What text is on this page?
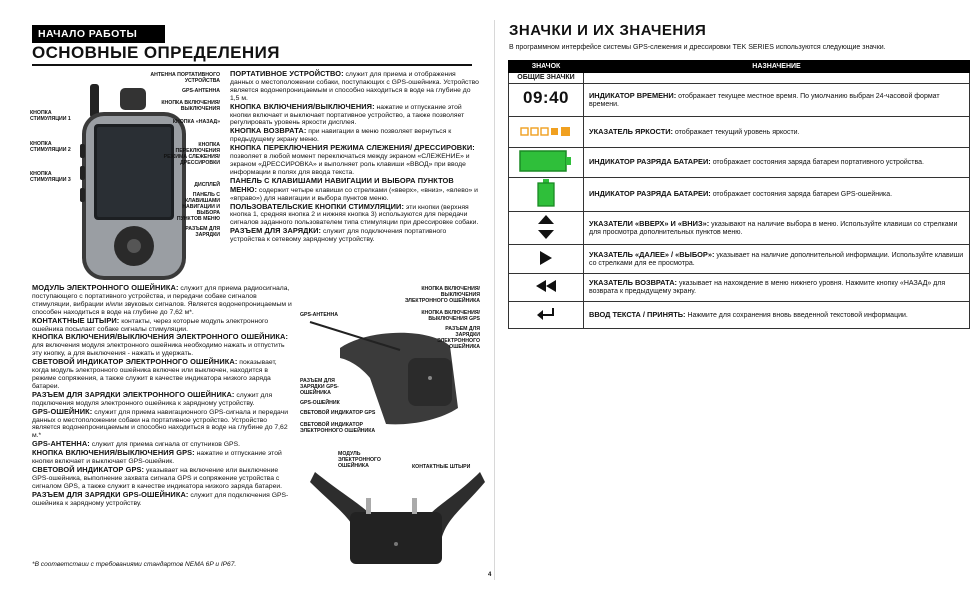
НАЧАЛО РАБОТЫ
ОСНОВНЫЕ ОПРЕДЕЛЕНИЯ
АНТЕННА ПОРТАТИВНОГО УСТРОЙСТВА
GPS-АНТЕННА
КНОПКА ВКЛЮЧЕНИЯ/ ВЫКЛЮЧЕНИЯ
КНОПКА «НАЗАД»
КНОПКА ПЕРЕКЛЮЧЕНИЯ РЕЖИМА СЛЕЖЕНИЯ/ ДРЕССИРОВКИ
ДИСПЛЕЙ
ПАНЕЛЬ С КЛАВИШАМИ НАВИГАЦИИ И ВЫБОРА ПУНКТОВ МЕНЮ
РАЗЪЕМ ДЛЯ ЗАРЯДКИ
КНОПКА СТИМУЛЯЦИИ 1
КНОПКА СТИМУЛЯЦИИ 2
КНОПКА СТИМУЛЯЦИИ 3

ПОРТАТИВНОЕ УСТРОЙСТВО: служит для приема и отображения данных о местоположении собаки, поступающих с GPS-ошейника. Устройство является водонепроницаемым и способно находиться в воде на глубине до 1,5 м.

КНОПКА ВКЛЮЧЕНИЯ/ВЫКЛЮЧЕНИЯ: нажатие и отпускание этой кнопки включает и выключает портативное устройство, а также позволяет регулировать уровень яркости дисплея.

КНОПКА ВОЗВРАТА: при навигации в меню позволяет вернуться к предыдущему экрану меню.

КНОПКА ПЕРЕКЛЮЧЕНИЯ РЕЖИМА СЛЕЖЕНИЯ/ ДРЕССИРОВКИ: позволяет в любой момент переключаться между экраном «СЛЕЖЕНИЕ» и экраном «ДРЕССИРОВКА» и выполняет роль клавиши «ВВОД» при вводе информации в полях для ввода текста.

ПАНЕЛЬ С КЛАВИШАМИ НАВИГАЦИИ И ВЫБОРА ПУНКТОВ МЕНЮ: содержит четыре клавиши со стрелками («вверх», «вниз», «влево» и «вправо») для навигации и выбора пунктов меню.

ПОЛЬЗОВАТЕЛЬСКИЕ КНОПКИ СТИМУЛЯЦИИ: эти кнопки (верхняя кнопка 1, средняя кнопка 2 и нижняя кнопка 3) используются для передачи сигналов заданного пользователем типа стимуляции при дрессировке собаки.

РАЗЪЕМ ДЛЯ ЗАРЯДКИ: служит для подключения портативного устройства к сетевому зарядному устройству.

МОДУЛЬ ЭЛЕКТРОННОГО ОШЕЙНИКА: служит для приема радиосигнала, поступающего с портативного устройства, и передачи собаке сигналов стимуляции, вибрации и/или звуковых сигналов. Является водонепроницаемым и способен находиться в воде на глубине до 7,62 м*.

КОНТАКТНЫЕ ШТЫРИ: контакты, через которые модуль электронного ошейника посылает собаке сигналы стимуляции.

КНОПКА ВКЛЮЧЕНИЯ/ВЫКЛЮЧЕНИЯ ЭЛЕКТРОННОГО ОШЕЙНИКА: для включения модуля электронного ошейника необходимо нажать и отпустить эту кнопку, а для выключения - нажать и удержать.

СВЕТОВОЙ ИНДИКАТОР ЭЛЕКТРОННОГО ОШЕЙНИКА: показывает, когда модуль электронного ошейника включен или выключен, находится в режиме сопряжения, а также служит в качестве индикатора низкого заряда батареи.

РАЗЪЕМ ДЛЯ ЗАРЯДКИ ЭЛЕКТРОННОГО ОШЕЙНИКА: служит для подключения модуля электронного ошейника к зарядному устройству.

GPS-ОШЕЙНИК: служит для приема навигационного GPS-сигнала и передачи данных о местоположении собаки на портативное устройство. Устройство является водонепроницаемым и способно находиться в воде на глубине до 7,62 м.*

GPS-АНТЕННА: служит для приема сигнала от спутников GPS.

КНОПКА ВКЛЮЧЕНИЯ/ВЫКЛЮЧЕНИЯ GPS: нажатие и отпускание этой кнопки включает и выключает GPS-ошейник.

СВЕТОВОЙ ИНДИКАТОР GPS: указывает на включение или выключение GPS-ошейника, выполнение захвата сигнала GPS и сопряжение устройства с сигналом GPS, а также служит в качестве индикатора низкого заряда батареи.

РАЗЪЕМ ДЛЯ ЗАРЯДКИ GPS-ОШЕЙНИКА: служит для подключения GPS-ошейника к зарядному устройству.

GPS-АНТЕННА
КНОПКА ВКЛЮЧЕНИЯ/ ВЫКЛЮЧЕНИЯ ЭЛЕКТРОННОГО ОШЕЙНИКА
КНОПКА ВКЛЮЧЕНИЯ/ ВЫКЛЮЧЕНИЯ GPS
РАЗЪЕМ ДЛЯ ЗАРЯДКИ ЭЛЕКТРОННОГО ОШЕЙНИКА
РАЗЪЕМ ДЛЯ ЗАРЯДКИ GPS-ОШЕЙНИКА
GPS-ОШЕЙНИК
СВЕТОВОЙ ИНДИКАТОР GPS
СВЕТОВОЙ ИНДИКАТОР ЭЛЕКТРОННОГО ОШЕЙНИКА
МОДУЛЬ ЭЛЕКТРОННОГО ОШЕЙНИКА	КОНТАКТНЫЕ ШТЫРИ
*В соответствии с требованиями стандартов NEMA 6P и IP67.
4
ЗНАЧКИ И ИХ ЗНАЧЕНИЯ
В программном интерфейсе системы GPS-слежения и дрессировки TEK SERIES используются следующие значки.
ЗНАЧОК	НАЗНАЧЕНИЕ
ОБЩИЕ ЗНАЧКИ	
09:40	ИНДИКАТОР ВРЕМЕНИ: отображает текущее местное время. По умолчанию выбран 24-часовой формат времени.
	УКАЗАТЕЛЬ ЯРКОСТИ: отображает текущий уровень яркости.
	ИНДИКАТОР РАЗРЯДА БАТАРЕИ: отображает состояния заряда батареи портативного устройства.
	ИНДИКАТОР РАЗРЯДА БАТАРЕИ: отображает состояния заряда батареи GPS-ошейника.
	УКАЗАТЕЛИ «ВВЕРХ» И «ВНИЗ»: указывают на наличие выбора в меню. Используйте клавиши со стрелками для просмотра дополнительных пунктов меню.
	УКАЗАТЕЛЬ «ДАЛЕЕ» / «ВЫБОР»: указывает на наличие дополнительной информации. Используйте клавиши со стрелками для ее просмотра.
	УКАЗАТЕЛЬ ВОЗВРАТА: указывает на нахождение в меню нижнего уровня. Нажмите кнопку «НАЗАД» для возврата к предыдущему экрану.
	ВВОД ТЕКСТА / ПРИНЯТЬ: Нажмите для сохранения вновь введенной текстовой информации.
